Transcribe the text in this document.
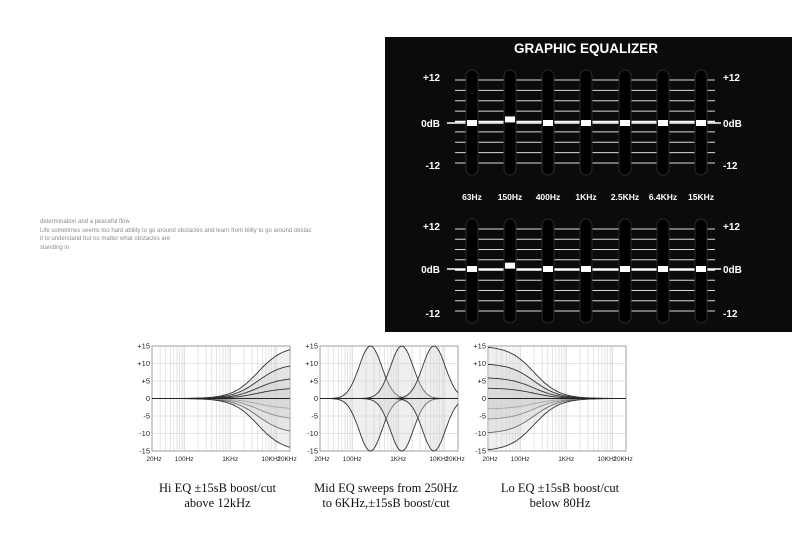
GRAPHIC EQUALIZER
+12	+12
0dB	0dB
-12	-12
+12	+12
0dB	0dB
-12	-12
63Hz 150Hz 400Hz 1KHz 2.5KHz 6.4KHz 15KHz
determination and a peaceful flow
Life sometimes seems too hard ability to go around obstacles and learn from bility to go around obstac
it to understand but no matter what obstacles are
standing in
+15
+10
+5
0
-5
-10
-15
20Hz 100Hz	1KHz	10KHz
20KHz
+15
+10
+5
0
-5
-10
-15
20Hz 100Hz	1KHz	10KHz
20KHz
+15
+10
+5
0
-5
-10
-15
20Hz 100Hz	1KHz	10KHz
20KHz
Hi EQ ±15sB boost/cut
above 12kHz
Mid EQ sweeps from 250Hz
to 6KHz,±15sB boost/cut
Lo EQ ±15sB boost/cut
below 80Hz
